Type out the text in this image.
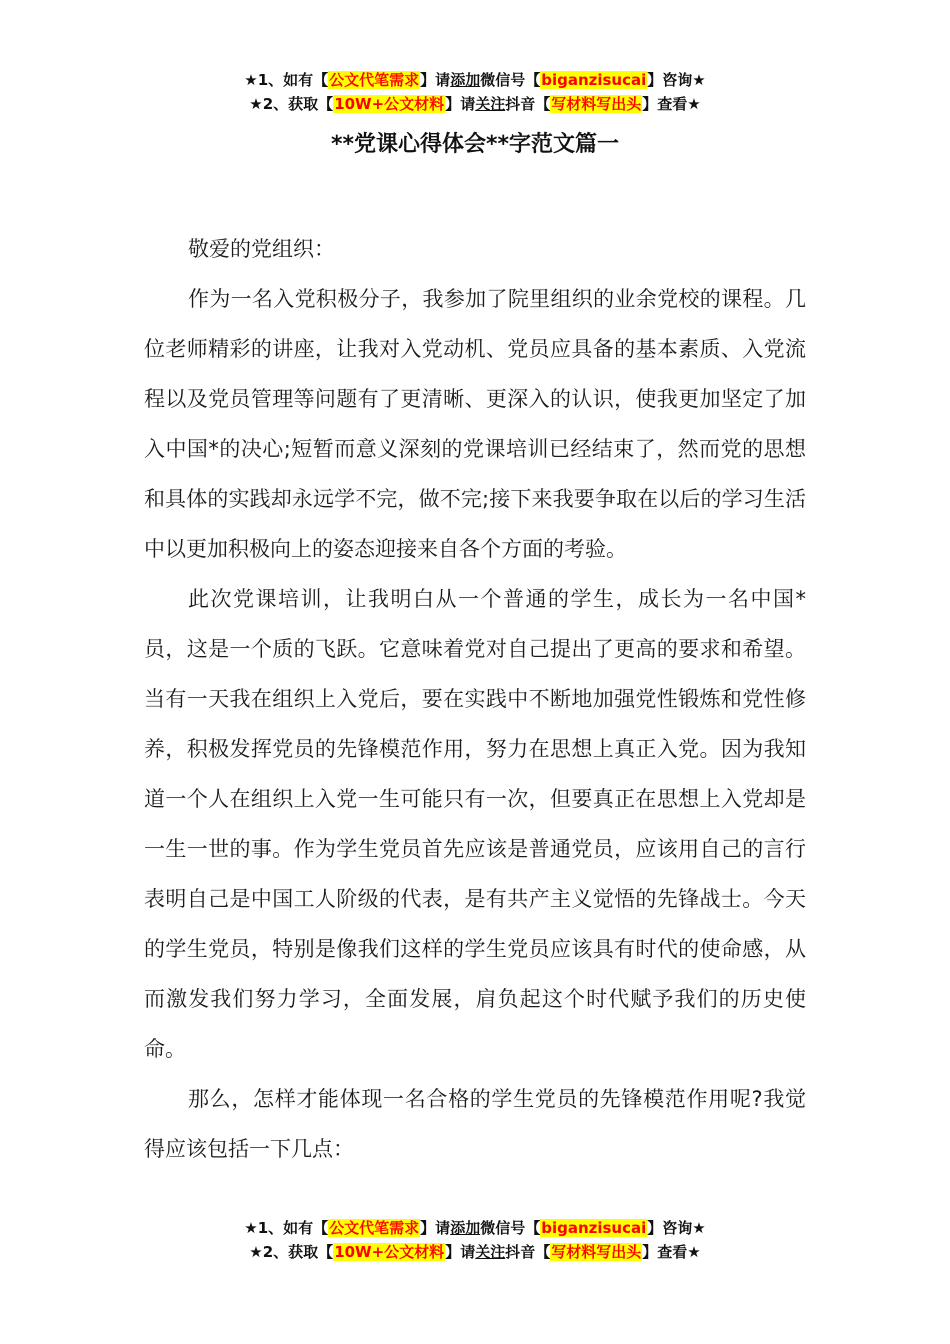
★1、如有【公文代笔需求】请添加微信号【biganzisucai】咨询★
★2、获取【10W+公文材料】请关注抖音【写材料写出头】查看★
**党课心得体会**字范文篇一

敬爱的党组织：

作为一名入党积极分子，我参加了院里组织的业余党校的课程。几位老师精彩的讲座，让我对入党动机、党员应具备的基本素质、入党流程以及党员管理等问题有了更清晰、更深入的认识，使我更加坚定了加入中国*的决心;短暂而意义深刻的党课培训已经结束了，然而党的思想和具体的实践却永远学不完，做不完;接下来我要争取在以后的学习生活中以更加积极向上的姿态迎接来自各个方面的考验。

此次党课培训，让我明白从一个普通的学生，成长为一名中国*员，这是一个质的飞跃。它意味着党对自己提出了更高的要求和希望。当有一天我在组织上入党后，要在实践中不断地加强党性锻炼和党性修养，积极发挥党员的先锋模范作用，努力在思想上真正入党。因为我知道一个人在组织上入党一生可能只有一次，但要真正在思想上入党却是一生一世的事。作为学生党员首先应该是普通党员，应该用自己的言行表明自己是中国工人阶级的代表，是有共产主义觉悟的先锋战士。今天的学生党员，特别是像我们这样的学生党员应该具有时代的使命感，从而激发我们努力学习，全面发展，肩负起这个时代赋予我们的历史使命。

那么，怎样才能体现一名合格的学生党员的先锋模范作用呢?我觉得应该包括一下几点：

★1、如有【公文代笔需求】请添加微信号【biganzisucai】咨询★
★2、获取【10W+公文材料】请关注抖音【写材料写出头】查看★
